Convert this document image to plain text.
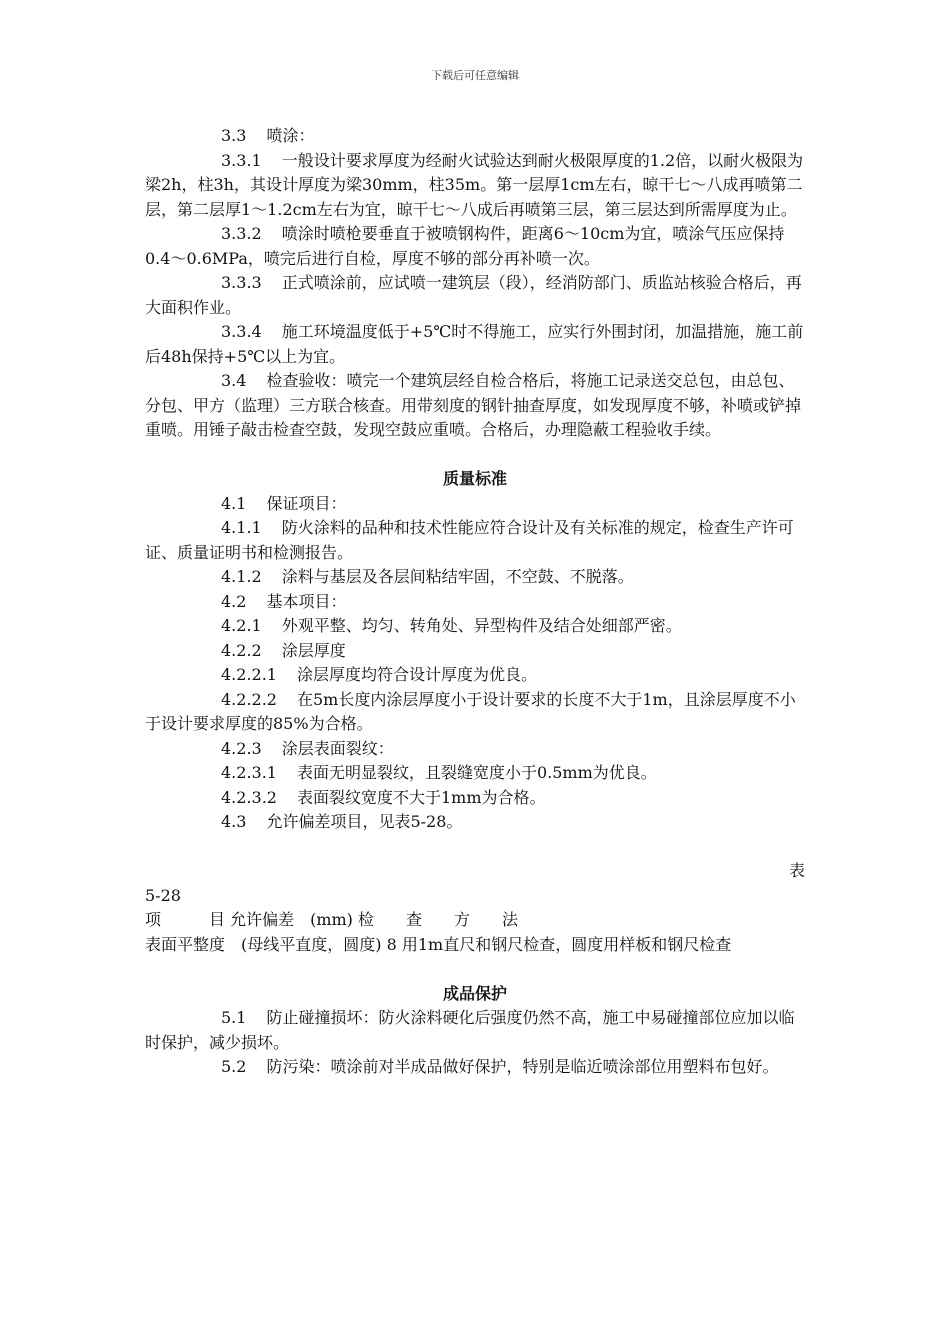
下载后可任意编辑

3.3 喷涂：

3.3.1 一般设计要求厚度为经耐火试验达到耐火极限厚度的1.2倍，以耐火极限为梁2h，柱3h，其设计厚度为梁30mm，柱35m。第一层厚1cm左右，晾干七～八成再喷第二层，第二层厚1～1.2cm左右为宜，晾干七～八成后再喷第三层，第三层达到所需厚度为止。

3.3.2 喷涂时喷枪要垂直于被喷钢构件，距离6～10cm为宜，喷涂气压应保持0.4～0.6MPa，喷完后进行自检，厚度不够的部分再补喷一次。

3.3.3 正式喷涂前，应试喷一建筑层（段），经消防部门、质监站核验合格后，再大面积作业。

3.3.4 施工环境温度低于+5℃时不得施工，应实行外围封闭，加温措施，施工前后48h保持+5℃以上为宜。

3.4 检查验收：喷完一个建筑层经自检合格后，将施工记录送交总包，由总包、分包、甲方（监理）三方联合核查。用带刻度的钢针抽查厚度，如发现厚度不够，补喷或铲掉重喷。用锤子敲击检查空鼓，发现空鼓应重喷。合格后，办理隐蔽工程验收手续。

质量标准

4.1 保证项目：

4.1.1 防火涂料的品种和技术性能应符合设计及有关标准的规定，检查生产许可证、质量证明书和检测报告。

4.1.2 涂料与基层及各层间粘结牢固，不空鼓、不脱落。

4.2 基本项目：

4.2.1 外观平整、均匀、转角处、异型构件及结合处细部严密。

4.2.2 涂层厚度

4.2.2.1 涂层厚度均符合设计厚度为优良。

4.2.2.2 在5m长度内涂层厚度小于设计要求的长度不大于1m，且涂层厚度不小于设计要求厚度的85%为合格。

4.2.3 涂层表面裂纹：

4.2.3.1 表面无明显裂纹，且裂缝宽度小于0.5mm为优良。

4.2.3.2 表面裂纹宽度不大于1mm为合格。

4.3 允许偏差项目，见表5-28。

表

5-28

项　　　目 允许偏差　(mm) 检　　查　　方　　法

表面平整度　(母线平直度，圆度) 8 用1m直尺和钢尺检查，圆度用样板和钢尺检查

成品保护

5.1 防止碰撞损坏：防火涂料硬化后强度仍然不高，施工中易碰撞部位应加以临时保护，减少损坏。

5.2 防污染：喷涂前对半成品做好保护，特别是临近喷涂部位用塑料布包好。
